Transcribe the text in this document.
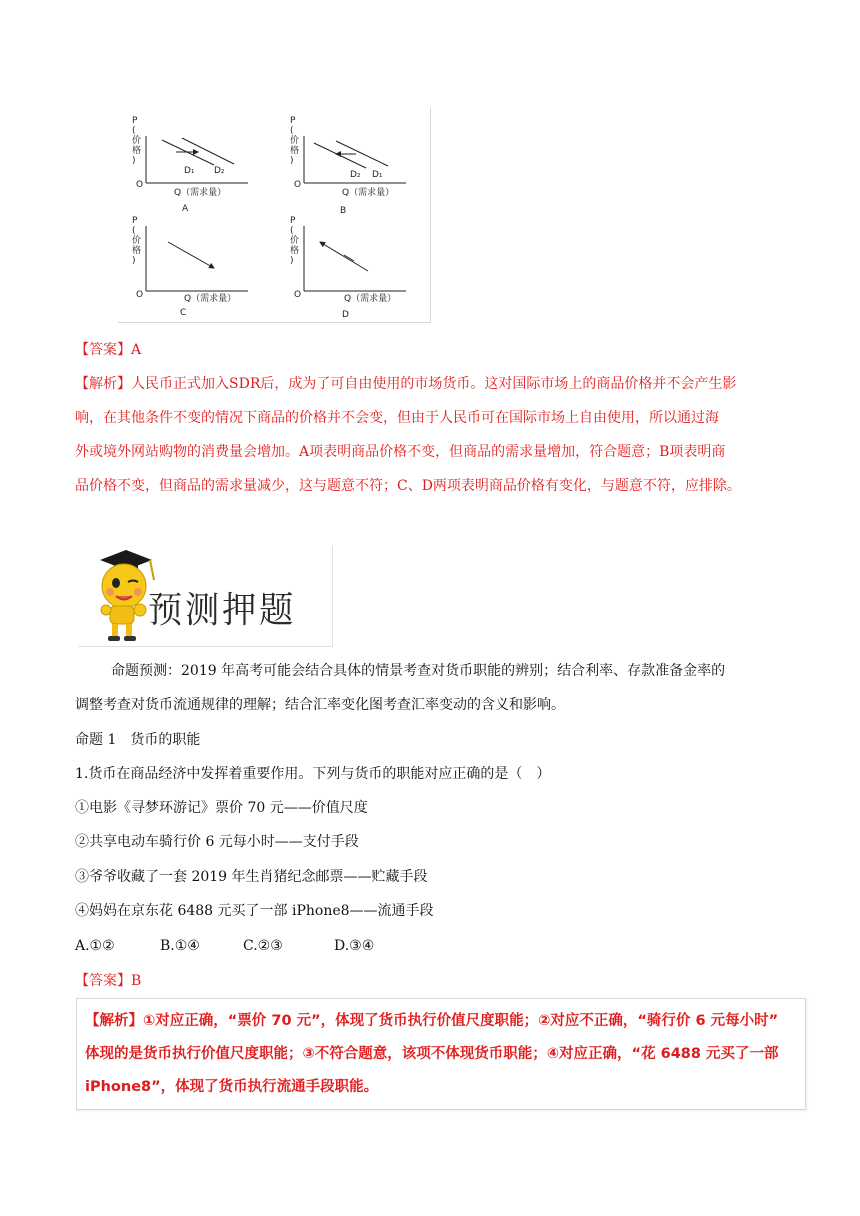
P
(
价
格
)
O
D₁ D₂
Q（需求量）
A
P
(
价
格
)
O
D₂ D₁
Q（需求量）
B
P
(
价
格
)
O	Q（需求量）
C
P
(
价
格
)
O	Q（需求量）
D
【答案】A
【解析】人民币正式加入SDR后，成为了可自由使用的市场货币。这对国际市场上的商品价格并不会产生影
响，在其他条件不变的情况下商品的价格并不会变，但由于人民币可在国际市场上自由使用，所以通过海
外或境外网站购物的消费量会增加。A项表明商品价格不变，但商品的需求量增加，符合题意；B项表明商
品价格不变，但商品的需求量减少，这与题意不符；C、D两项表明商品价格有变化，与题意不符，应排除。
预测押题
命题预测：2019 年高考可能会结合具体的情景考查对货币职能的辨别；结合利率、存款准备金率的
调整考查对货币流通规律的理解；结合汇率变化图考查汇率变动的含义和影响。
命题 1　货币的职能
1.货币在商品经济中发挥着重要作用。下列与货币的职能对应正确的是（　）
①电影《寻梦环游记》票价 70 元——价值尺度
②共享电动车骑行价 6 元每小时——支付手段
③爷爷收藏了一套 2019 年生肖猪纪念邮票——贮藏手段
④妈妈在京东花 6488 元买了一部 iPhone8——流通手段
A.①②	B.①④	C.②③	D.③④
【答案】B
【解析】①对应正确，“票价 70 元”，体现了货币执行价值尺度职能；②对应不正确，“骑行价 6 元每小时”
体现的是货币执行价值尺度职能；③不符合题意，该项不体现货币职能；④对应正确，“花 6488 元买了一部
iPhone8”，体现了货币执行流通手段职能。
